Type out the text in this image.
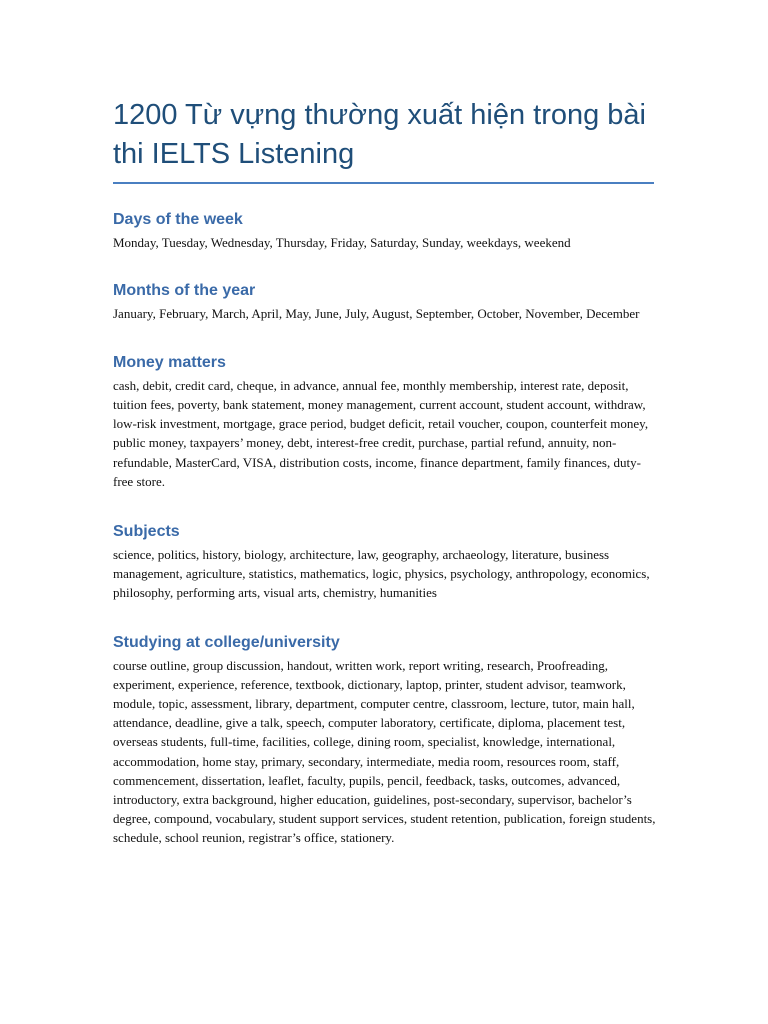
1200 Từ vựng thường xuất hiện trong bài thi IELTS Listening
Days of the week

Monday, Tuesday, Wednesday, Thursday, Friday, Saturday, Sunday, weekdays, weekend

Months of the year

January, February, March, April, May, June, July, August, September, October, November, December

Money matters

cash, debit, credit card, cheque, in advance, annual fee, monthly membership, interest rate, deposit, tuition fees, poverty, bank statement, money management, current account, student account, withdraw, low-risk investment, mortgage, grace period, budget deficit, retail voucher, coupon, counterfeit money, public money, taxpayers’ money, debt, interest-free credit, purchase, partial refund, annuity, non-refundable, MasterCard, VISA, distribution costs, income, finance department, family finances, duty-free store.

Subjects

science, politics, history, biology, architecture, law, geography, archaeology, literature, business management, agriculture, statistics, mathematics, logic, physics, psychology, anthropology, economics, philosophy, performing arts, visual arts, chemistry, humanities

Studying at college/university

course outline, group discussion, handout, written work, report writing, research, Proofreading, experiment, experience, reference, textbook, dictionary, laptop, printer, student advisor, teamwork, module, topic, assessment, library, department, computer centre, classroom, lecture, tutor, main hall, attendance, deadline, give a talk, speech, computer laboratory, certificate, diploma, placement test, overseas students, full-time, facilities, college, dining room, specialist, knowledge, international, accommodation, home stay, primary, secondary, intermediate, media room, resources room, staff, commencement, dissertation, leaflet, faculty, pupils, pencil, feedback, tasks, outcomes, advanced, introductory, extra background, higher education, guidelines, post-secondary, supervisor, bachelor’s degree, compound, vocabulary, student support services, student retention, publication, foreign students, schedule, school reunion, registrar’s office, stationery.
